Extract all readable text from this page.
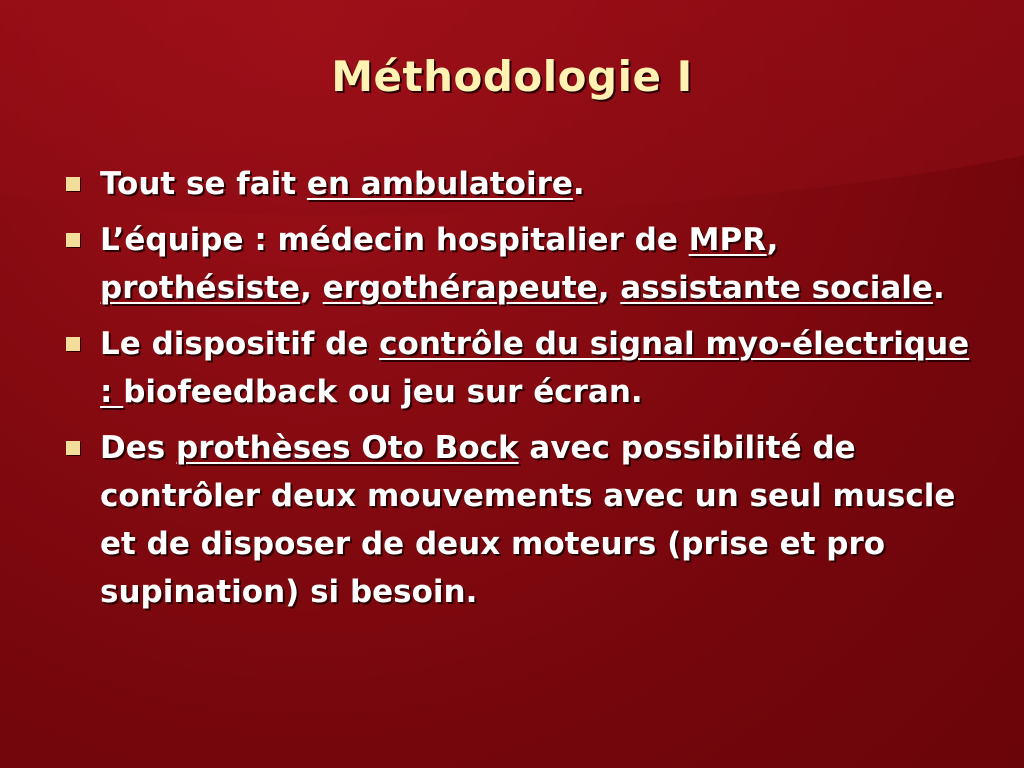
Méthodologie I
Tout se fait en ambulatoire.
L’équipe : médecin hospitalier de MPR, prothésiste, ergothérapeute, assistante sociale.
Le dispositif de contrôle du signal myo-électrique : biofeedback ou jeu sur écran.
Des prothèses Oto Bock avec possibilité de contrôler deux mouvements avec un seul muscle et de disposer de deux moteurs (prise et pro supination) si besoin.
